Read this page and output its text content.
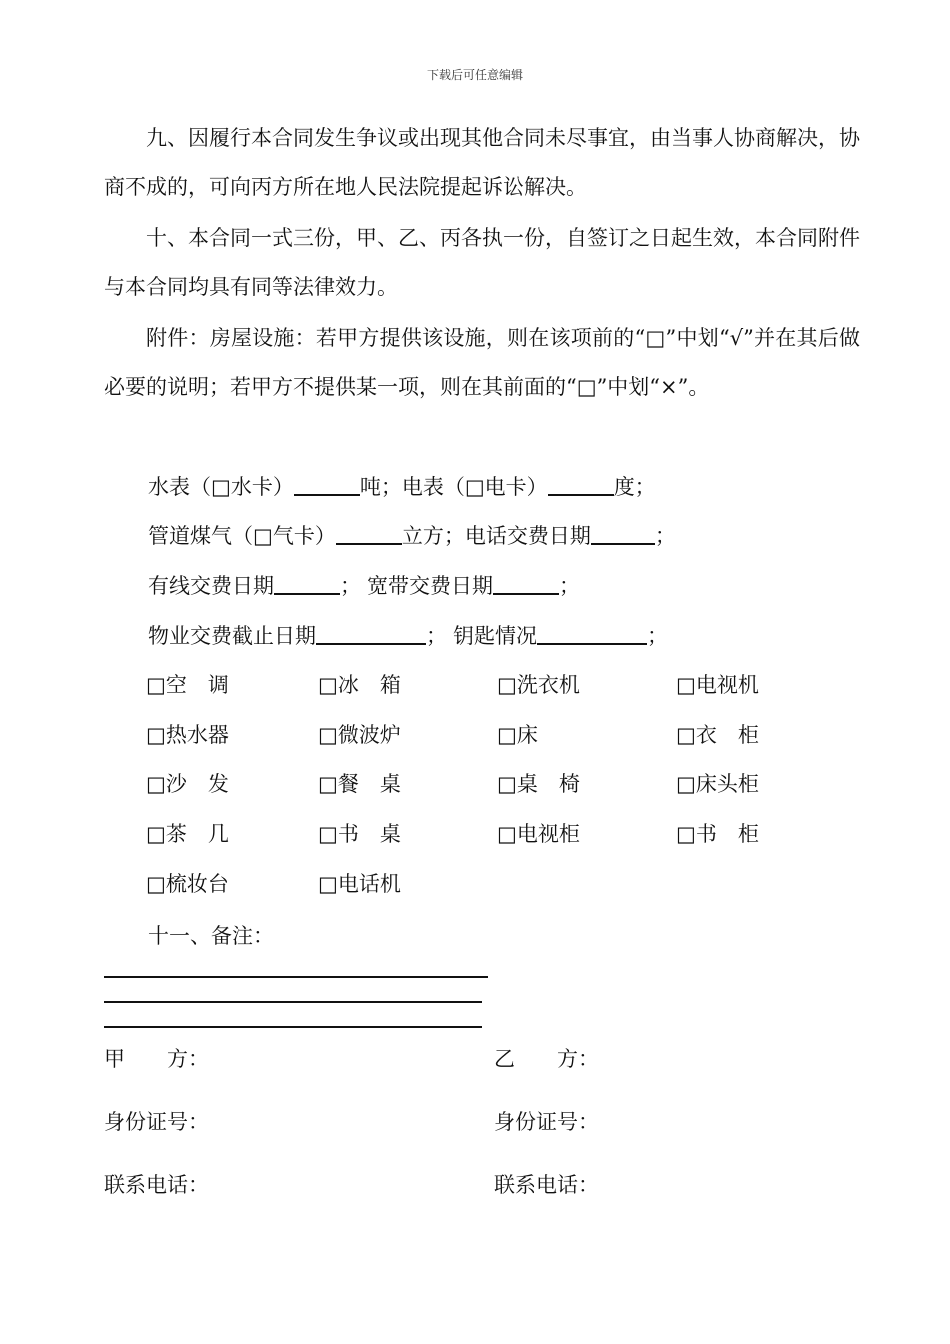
下载后可任意编辑

九、因履行本合同发生争议或出现其他合同未尽事宜，由当事人协商解决，协商不成的，可向丙方所在地人民法院提起诉讼解决。

十、本合同一式三份，甲、乙、丙各执一份，自签订之日起生效，本合同附件与本合同均具有同等法律效力。

附件：房屋设施：若甲方提供该设施，则在该项前的“□”中划“√”并在其后做必要的说明；若甲方不提供某一项，则在其前面的“□”中划“×”。

水表（□水卡）	吨；电表（□电卡）	度；
管道煤气（□气卡）	立方；电话交费日期	；
有线交费日期	； 宽带交费日期	；
物业交费截止日期	； 钥匙情况	；
□空　调	□冰　箱	□洗衣机	□电视机
□热水器	□微波炉	□床	□衣　柜
□沙　发	□餐　桌	□桌　椅	□床头柜
□茶　几	□书　桌	□电视柜	□书　柜
□梳妆台	□电话机
十一、备注：
甲　　方：	乙　　方：
身份证号：	身份证号：
联系电话：	联系电话：
